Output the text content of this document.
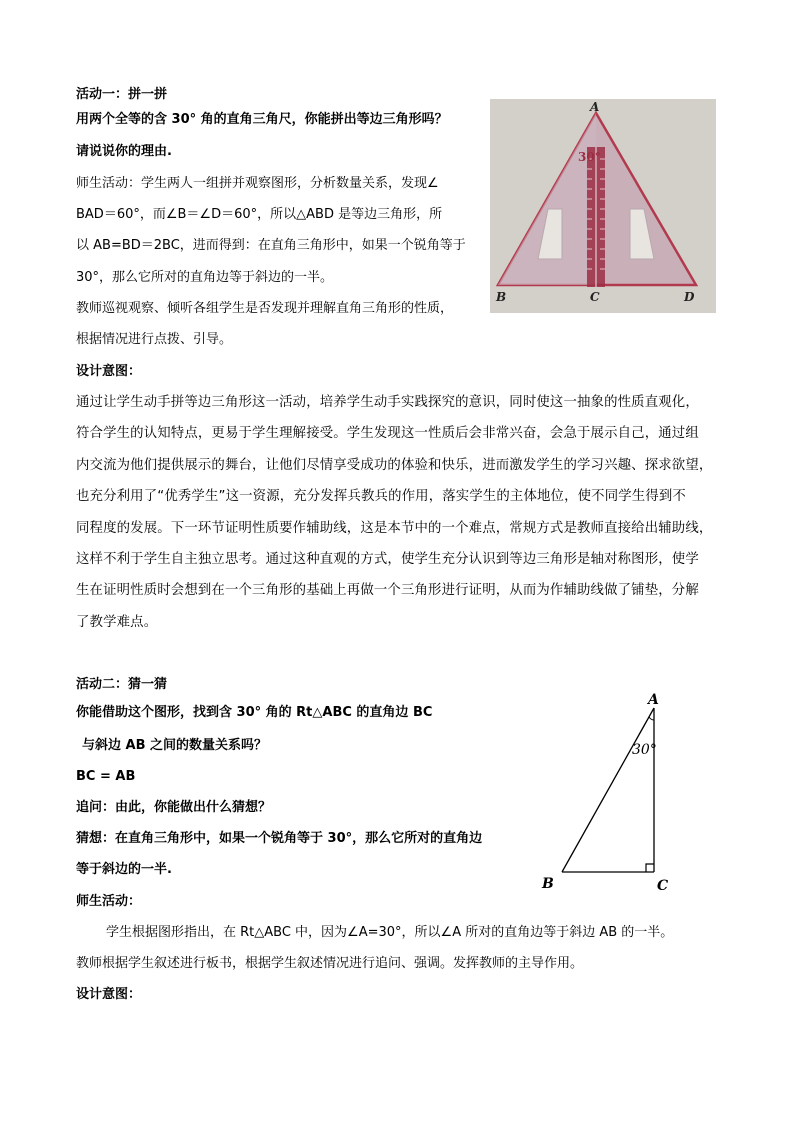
活动一：拼一拼
用两个全等的含 30° 角的直角三角尺，你能拼出等边三角形吗？
请说说你的理由.
师生活动：学生两人一组拼并观察图形，分析数量关系，发现∠
BAD＝60°，而∠B＝∠D＝60°，所以△ABD 是等边三角形，所
以 AB=BD＝2BC，进而得到：在直角三角形中，如果一个锐角等于
30°，那么它所对的直角边等于斜边的一半。
教师巡视观察、倾听各组学生是否发现并理解直角三角形的性质，
根据情况进行点拨、引导。
设计意图：
通过让学生动手拼等边三角形这一活动，培养学生动手实践探究的意识，同时使这一抽象的性质直观化，
符合学生的认知特点，更易于学生理解接受。学生发现这一性质后会非常兴奋，会急于展示自己，通过组
内交流为他们提供展示的舞台，让他们尽情享受成功的体验和快乐，进而激发学生的学习兴趣、探求欲望，
也充分利用了“优秀学生”这一资源，充分发挥兵教兵的作用，落实学生的主体地位，使不同学生得到不
同程度的发展。下一环节证明性质要作辅助线，这是本节中的一个难点，常规方式是教师直接给出辅助线，
这样不利于学生自主独立思考。通过这种直观的方式，使学生充分认识到等边三角形是轴对称图形，使学
生在证明性质时会想到在一个三角形的基础上再做一个三角形进行证明，从而为作辅助线做了铺垫，分解
了教学难点。
30°
A
B	C	D
活动二：猜一猜
你能借助这个图形，找到含 30° 角的 Rt△ABC 的直角边 BC
与斜边 AB 之间的数量关系吗？
BC = AB
追问：由此，你能做出什么猜想？
猜想：在直角三角形中，如果一个锐角等于 30°，那么它所对的直角边
等于斜边的一半.
师生活动：
学生根据图形指出，在 Rt△ABC 中，因为∠A=30°，所以∠A 所对的直角边等于斜边 AB 的一半。
教师根据学生叙述进行板书，根据学生叙述情况进行追问、强调。发挥教师的主导作用。
设计意图：
30°
A
B	C
